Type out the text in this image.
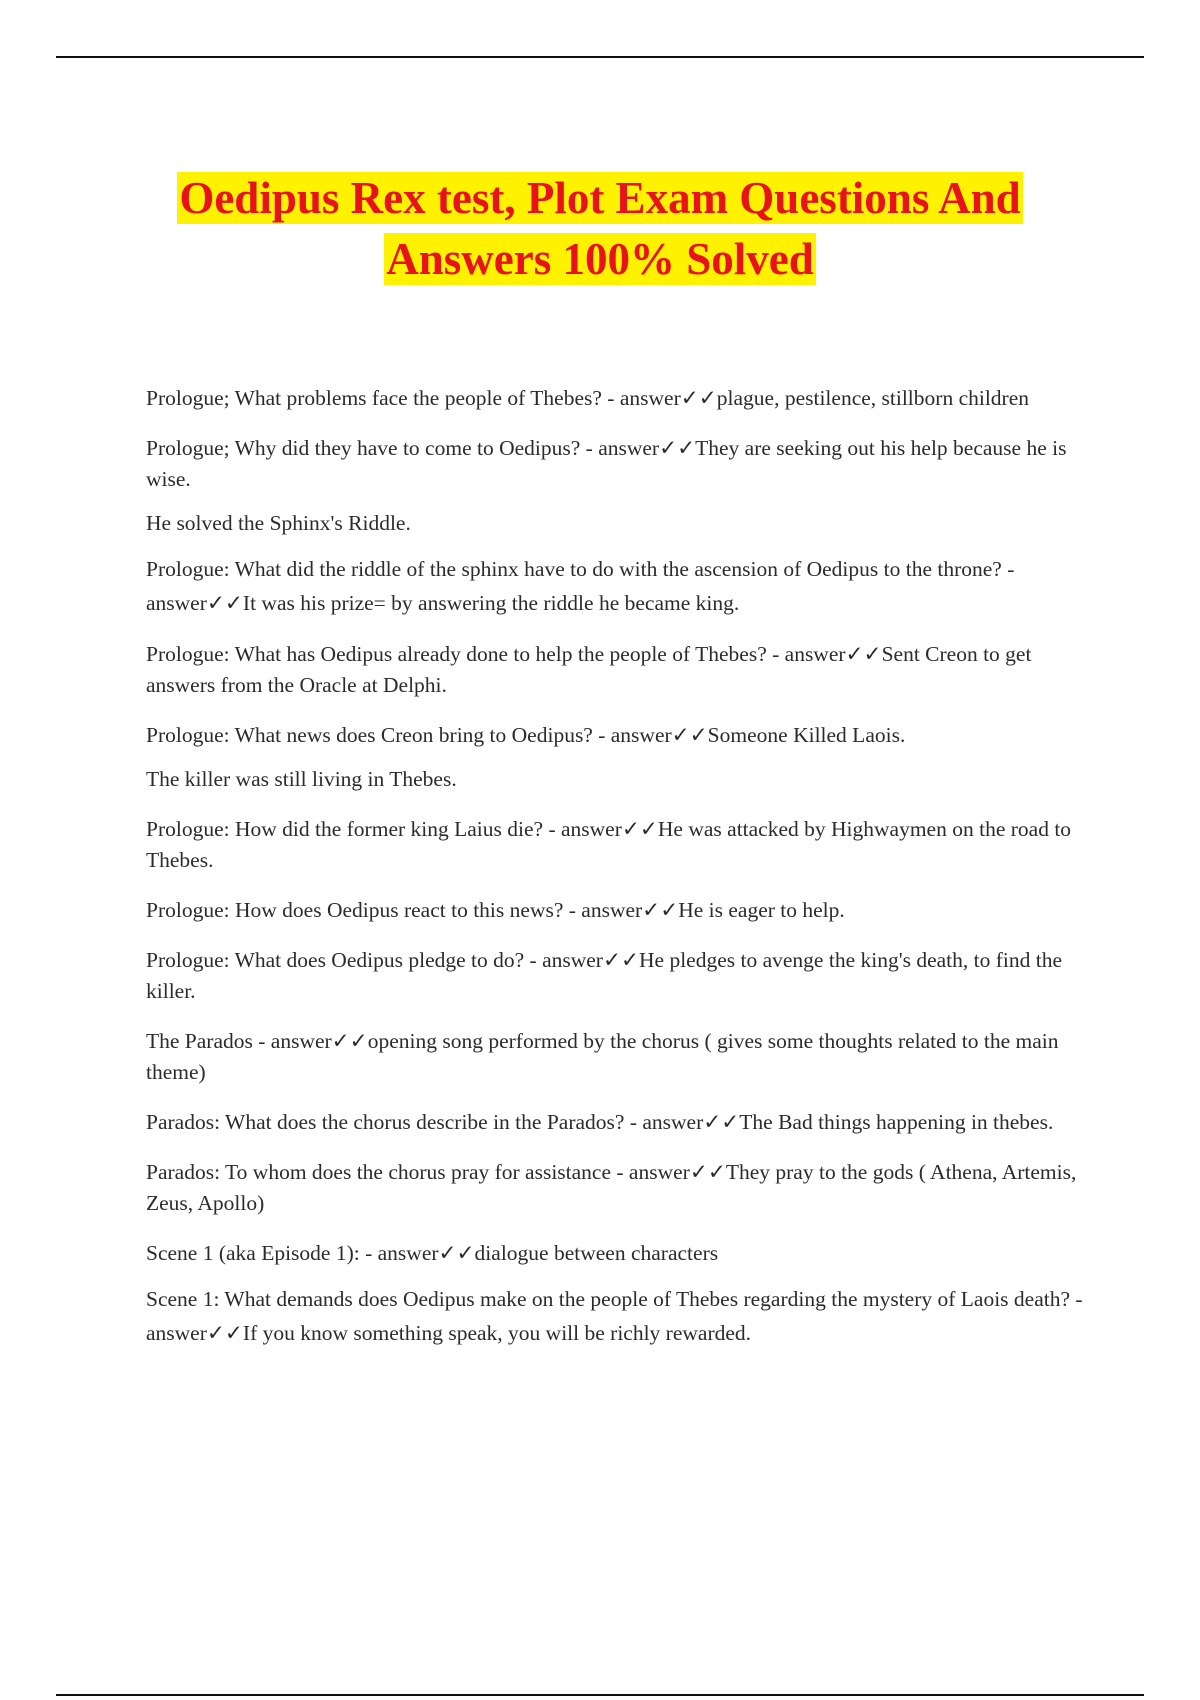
Oedipus Rex test, Plot Exam Questions And
Answers 100% Solved

Prologue; What problems face the people of Thebes? - answer✓✓plague, pestilence, stillborn children

Prologue; Why did they have to come to Oedipus? - answer✓✓They are seeking out his help because he is wise.

He solved the Sphinx's Riddle.

Prologue: What did the riddle of the sphinx have to do with the ascension of Oedipus to the throne? - answer✓✓It was his prize= by answering the riddle he became king.

Prologue: What has Oedipus already done to help the people of Thebes? - answer✓✓Sent Creon to get answers from the Oracle at Delphi.

Prologue: What news does Creon bring to Oedipus? - answer✓✓Someone Killed Laois.

The killer was still living in Thebes.

Prologue: How did the former king Laius die? - answer✓✓He was attacked by Highwaymen on the road to Thebes.

Prologue: How does Oedipus react to this news? - answer✓✓He is eager to help.

Prologue: What does Oedipus pledge to do? - answer✓✓He pledges to avenge the king's death, to find the killer.

The Parados - answer✓✓opening song performed by the chorus ( gives some thoughts related to the main theme)

Parados: What does the chorus describe in the Parados? - answer✓✓The Bad things happening in thebes.

Parados: To whom does the chorus pray for assistance - answer✓✓They pray to the gods ( Athena, Artemis, Zeus, Apollo)

Scene 1 (aka Episode 1): - answer✓✓dialogue between characters

Scene 1: What demands does Oedipus make on the people of Thebes regarding the mystery of Laois death? - answer✓✓If you know something speak, you will be richly rewarded.
